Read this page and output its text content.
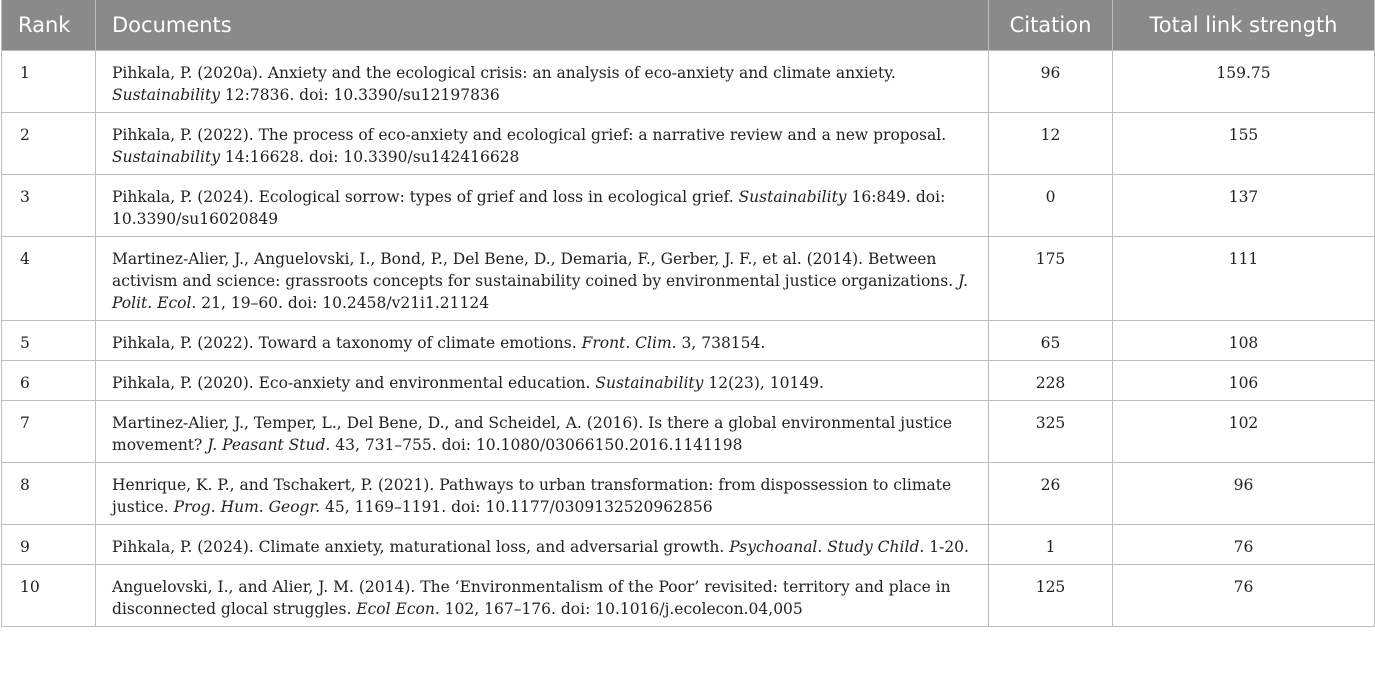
Rank	Documents	Citation	Total link strength
1	Pihkala, P. (2020a). Anxiety and the ecological crisis: an analysis of eco-anxiety and climate anxiety. Sustainability 12:7836. doi: 10.3390/su12197836	96	159.75
2	Pihkala, P. (2022). The process of eco-anxiety and ecological grief: a narrative review and a new proposal. Sustainability 14:16628. doi: 10.3390/su142416628	12	155
3	Pihkala, P. (2024). Ecological sorrow: types of grief and loss in ecological grief. Sustainability 16:849. doi: 10.3390/su16020849	0	137
4	Martinez-Alier, J., Anguelovski, I., Bond, P., Del Bene, D., Demaria, F., Gerber, J. F., et al. (2014). Between activism and science: grassroots concepts for sustainability coined by environmental justice organizations. J. Polit. Ecol. 21, 19–60. doi: 10.2458/v21i1.21124	175	111
5	Pihkala, P. (2022). Toward a taxonomy of climate emotions. Front. Clim. 3, 738154.	65	108
6	Pihkala, P. (2020). Eco-anxiety and environmental education. Sustainability 12(23), 10149.	228	106
7	Martinez-Alier, J., Temper, L., Del Bene, D., and Scheidel, A. (2016). Is there a global environmental justice movement? J. Peasant Stud. 43, 731–755. doi: 10.1080/03066150.2016.1141198	325	102
8	Henrique, K. P., and Tschakert, P. (2021). Pathways to urban transformation: from dispossession to climate justice. Prog. Hum. Geogr. 45, 1169–1191. doi: 10.1177/0309132520962856	26	96
9	Pihkala, P. (2024). Climate anxiety, maturational loss, and adversarial growth. Psychoanal. Study Child. 1-20.	1	76
10	Anguelovski, I., and Alier, J. M. (2014). The ‘Environmentalism of the Poor’ revisited: territory and place in disconnected glocal struggles. Ecol Econ. 102, 167–176. doi: 10.1016/j.ecolecon.04,005	125	76
